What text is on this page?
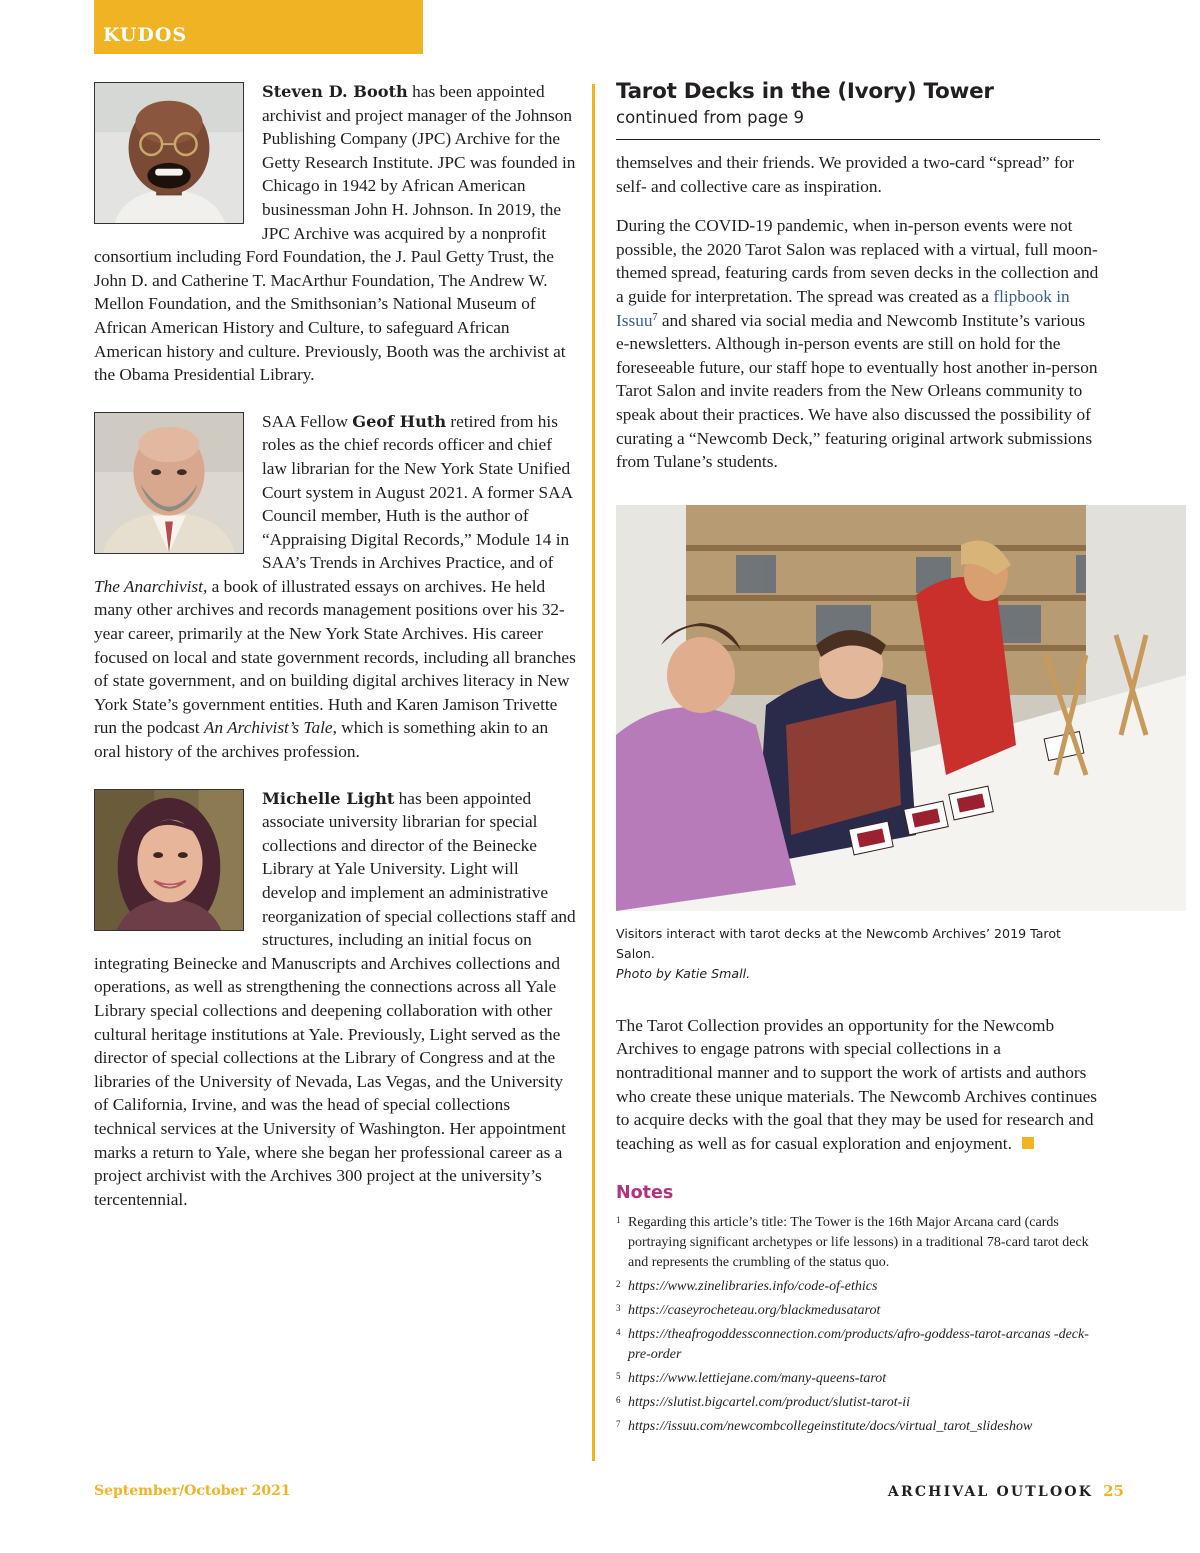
KUDOS

Steven D. Booth has been appointed archivist and project manager of the Johnson Publishing Company (JPC) Archive for the Getty Research Institute. JPC was founded in Chicago in 1942 by African American businessman John H. Johnson. In 2019, the JPC Archive was acquired by a nonprofit consortium including Ford Foundation, the J. Paul Getty Trust, the John D. and Catherine T. MacArthur Foundation, The Andrew W. Mellon Foundation, and the Smithsonian’s National Museum of African American History and Culture, to safeguard African American history and culture. Previously, Booth was the archivist at the Obama Presidential Library.

SAA Fellow Geof Huth retired from his roles as the chief records officer and chief law librarian for the New York State Unified Court system in August 2021. A former SAA Council member, Huth is the author of “Appraising Digital Records,” Module 14 in SAA’s Trends in Archives Practice, and of The Anarchivist, a book of illustrated essays on archives. He held many other archives and records management positions over his 32-year career, primarily at the New York State Archives. His career focused on local and state government records, including all branches of state government, and on building digital archives literacy in New York State’s government entities. Huth and Karen Jamison Trivette run the podcast An Archivist’s Tale, which is something akin to an oral history of the archives profession.

Michelle Light has been appointed associate university librarian for special collections and director of the Beinecke Library at Yale University. Light will develop and implement an administrative reorganization of special collections staff and structures, including an initial focus on integrating Beinecke and Manuscripts and Archives collections and operations, as well as strengthening the connections across all Yale Library special collections and deepening collaboration with other cultural heritage institutions at Yale. Previously, Light served as the director of special collections at the Library of Congress and at the libraries of the University of Nevada, Las Vegas, and the University of California, Irvine, and was the head of special collections technical services at the University of Washington. Her appointment marks a return to Yale, where she began her professional career as a project archivist with the Archives 300 project at the university’s tercentennial.

Tarot Decks in the (Ivory) Tower

continued from page 9

themselves and their friends. We provided a two-card “spread” for self- and collective care as inspiration.

During the COVID-19 pandemic, when in-person events were not possible, the 2020 Tarot Salon was replaced with a virtual, full moon-themed spread, featuring cards from seven decks in the collection and a guide for interpretation. The spread was created as a flipbook in Issuu$^7$ and shared via social media and Newcomb Institute’s various e-newsletters. Although in-person events are still on hold for the foreseeable future, our staff hope to eventually host another in-person Tarot Salon and invite readers from the New Orleans community to speak about their practices. We have also discussed the possibility of curating a “Newcomb Deck,” featuring original artwork submissions from Tulane’s students.

Visitors interact with tarot decks at the Newcomb Archives’ 2019 Tarot Salon.
Photo by Katie Small.

The Tarot Collection provides an opportunity for the Newcomb Archives to engage patrons with special collections in a nontraditional manner and to support the work of artists and authors who create these unique materials. The Newcomb Archives continues to acquire decks with the goal that they may be used for research and teaching as well as for casual exploration and enjoyment.

Notes
1 Regarding this article’s title: The Tower is the 16th Major Arcana card (cards portraying significant archetypes or life lessons) in a traditional 78-card tarot deck and represents the crumbling of the status quo.
2 https://www.zinelibraries.info/code-of-ethics
3 https://caseyrocheteau.org/blackmedusatarot
4 https://theafrogoddessconnection.com/products/afro-goddess-tarot-arcanas -deck-pre-order
5 https://www.lettiejane.com/many-queens-tarot
6 https://slutist.bigcartel.com/product/slutist-tarot-ii
7 https://issuu.com/newcombcollegeinstitute/docs/virtual_tarot_slideshow
September/October 2021	ARCHIVAL OUTLOOK 25
